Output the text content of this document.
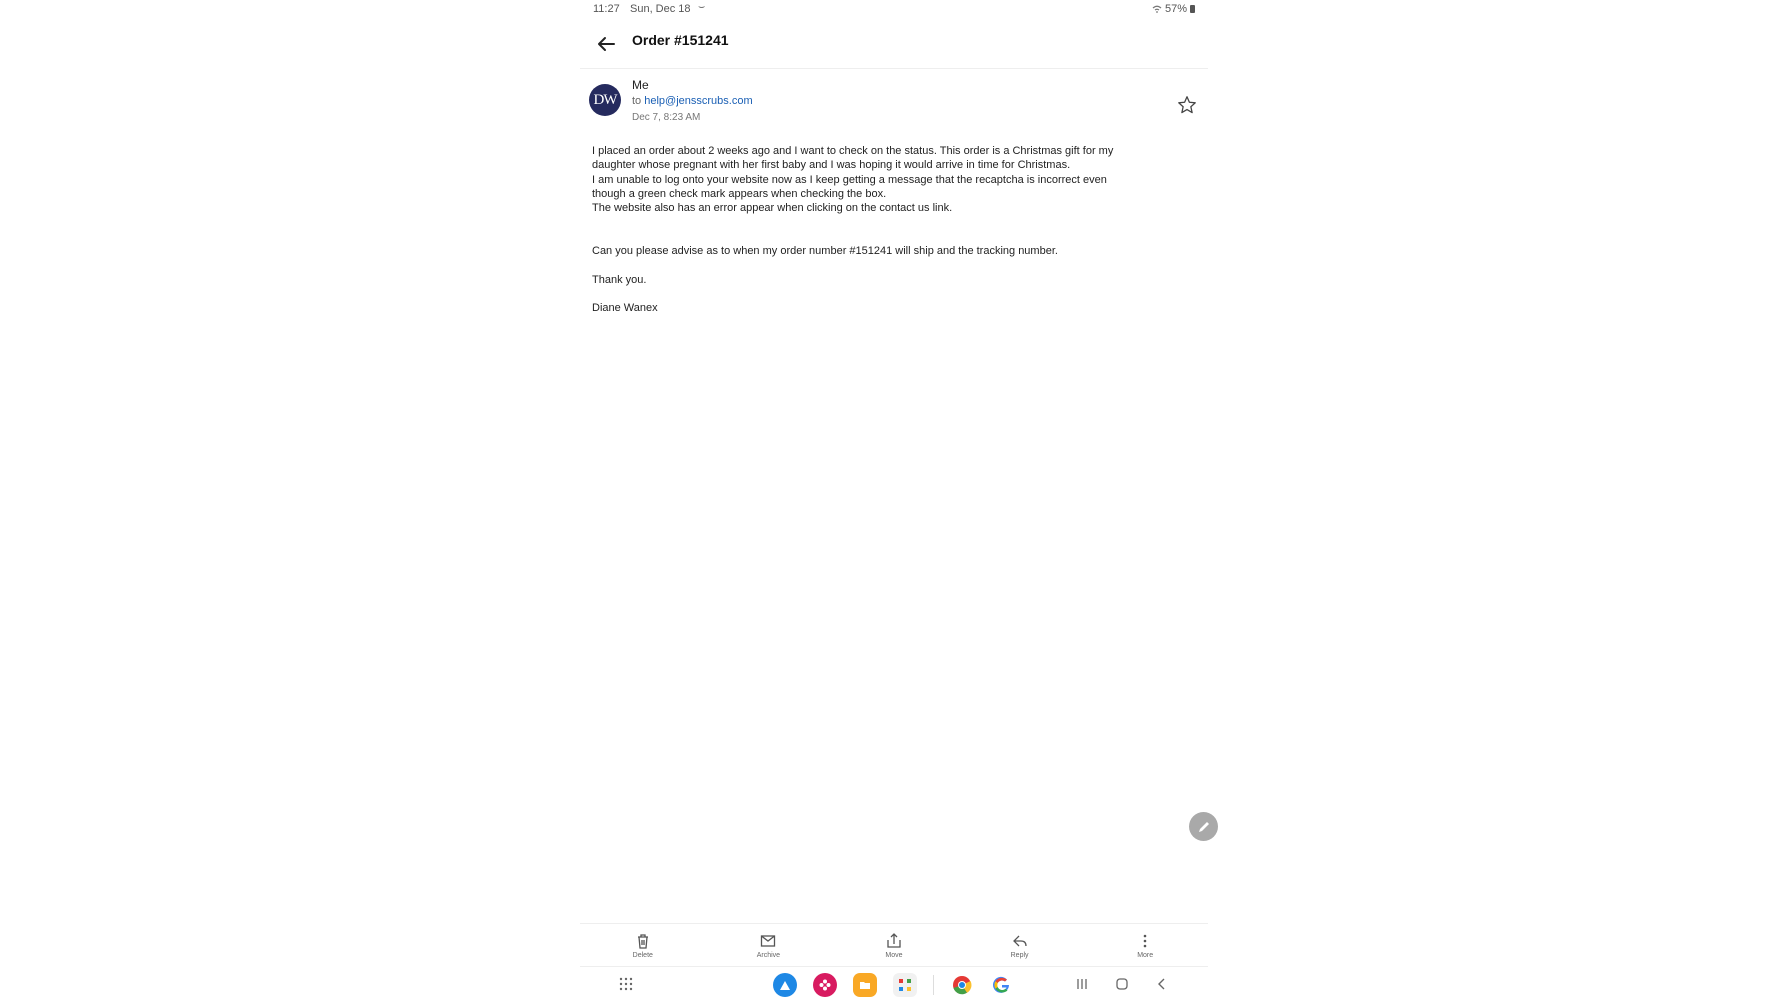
11:27 Sun, Dec 18 ⌣	57%
Order #151241
DW
Me
to help@jensscrubs.com
Dec 7, 8:23 AM

I placed an order about 2 weeks ago and I want to check on the status. This order is a Christmas gift for my

daughter whose pregnant with her first baby and I was hoping it would arrive in time for Christmas.

I am unable to log onto your website now as I keep getting a message that the recaptcha is incorrect even

though a green check mark appears when checking the box.

The website also has an error appear when clicking on the contact us link.

Can you please advise as to when my order number #151241 will ship and the tracking number.

Thank you.

Diane Wanex

Delete	Archive	Move	Reply	More
